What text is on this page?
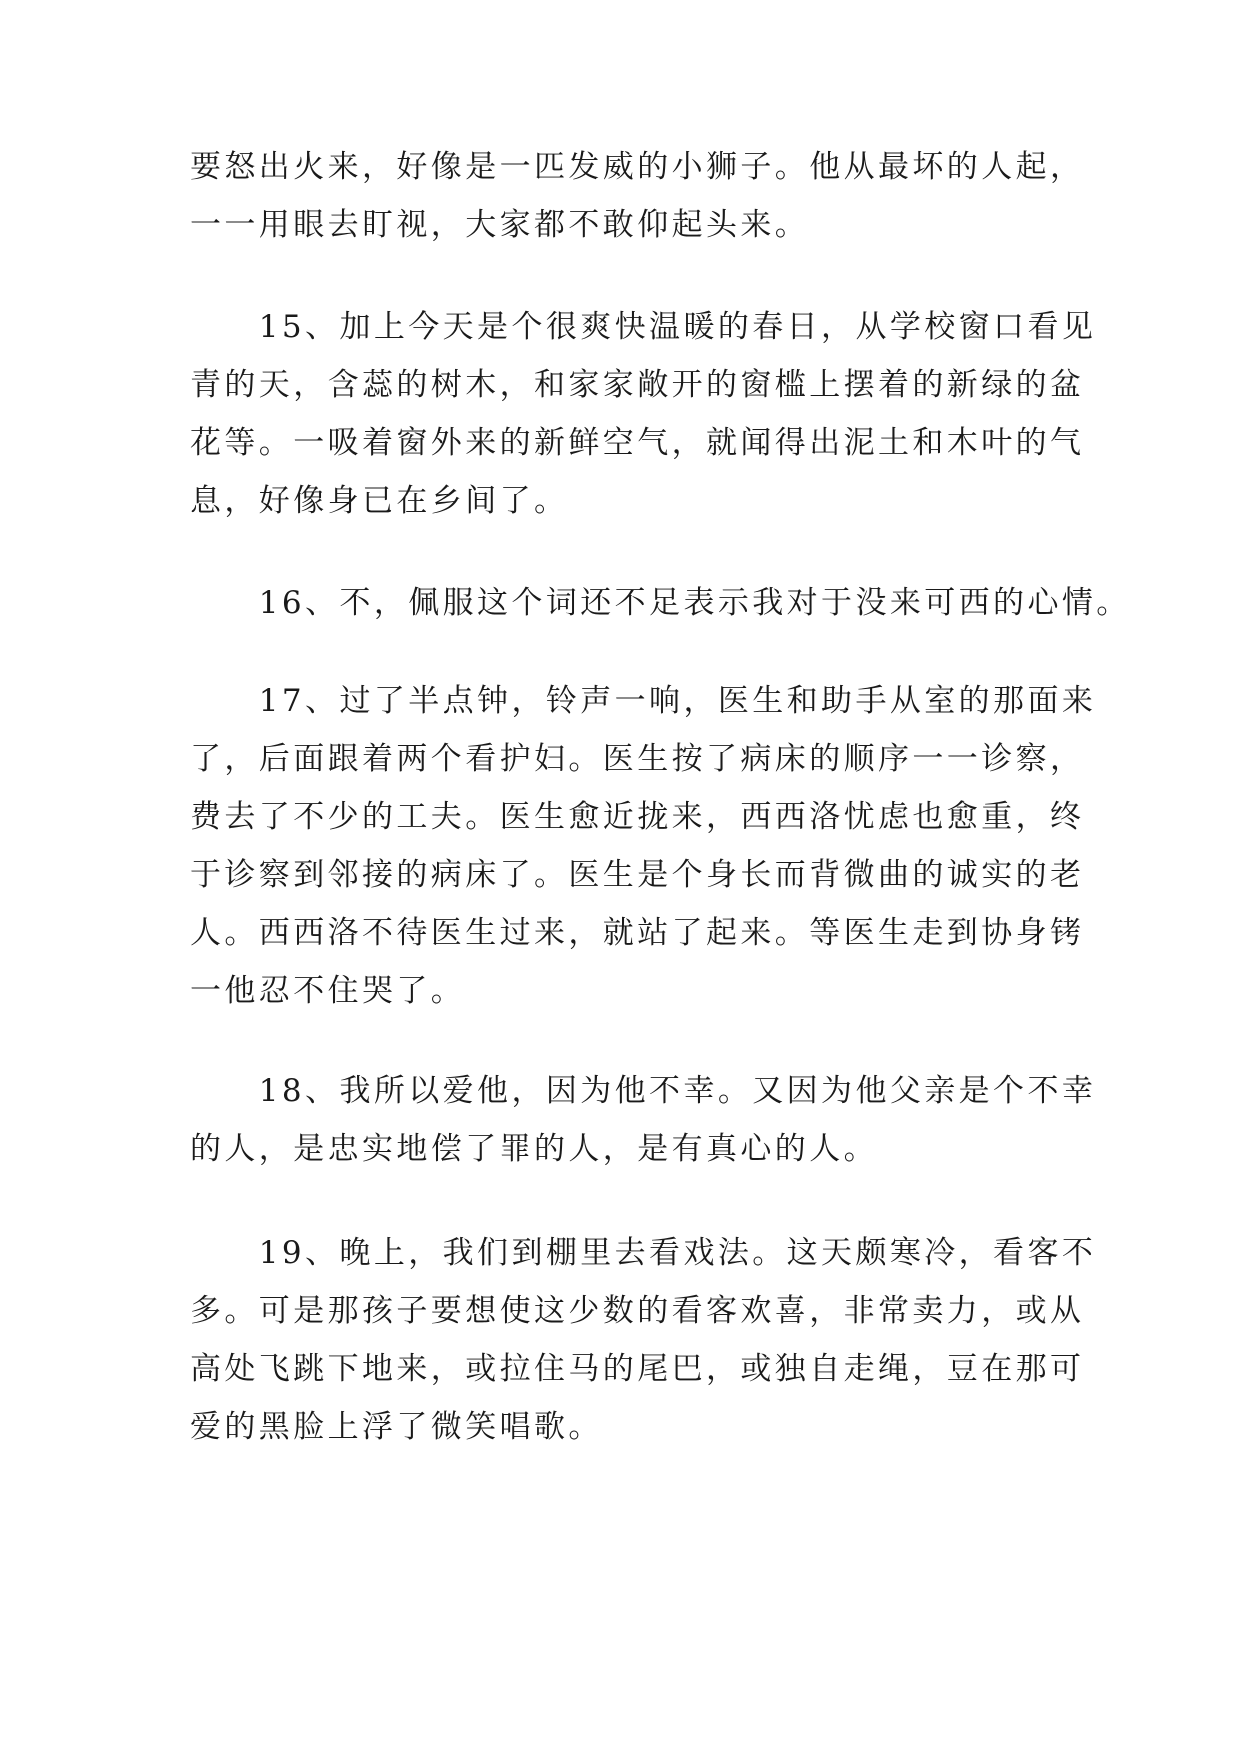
要怒出火来，好像是一匹发威的小狮子。他从最坏的人起，
一一用眼去盯视，大家都不敢仰起头来。
　　15、加上今天是个很爽快温暖的春日，从学校窗口看见
青的天，含蕊的树木，和家家敞开的窗槛上摆着的新绿的盆
花等。一吸着窗外来的新鲜空气，就闻得出泥土和木叶的气
息，好像身已在乡间了。
　　16、不，佩服这个词还不足表示我对于没来可西的心情。
　　17、过了半点钟，铃声一响，医生和助手从室的那面来
了，后面跟着两个看护妇。医生按了病床的顺序一一诊察，
费去了不少的工夫。医生愈近拢来，西西洛忧虑也愈重，终
于诊察到邻接的病床了。医生是个身长而背微曲的诚实的老
人。西西洛不待医生过来，就站了起来。等医生走到协身铐
一他忍不住哭了。
　　18、我所以爱他，因为他不幸。又因为他父亲是个不幸
的人，是忠实地偿了罪的人，是有真心的人。
　　19、晚上，我们到棚里去看戏法。这天颇寒冷，看客不
多。可是那孩子要想使这少数的看客欢喜，非常卖力，或从
高处飞跳下地来，或拉住马的尾巴，或独自走绳，豆在那可
爱的黑脸上浮了微笑唱歌。
